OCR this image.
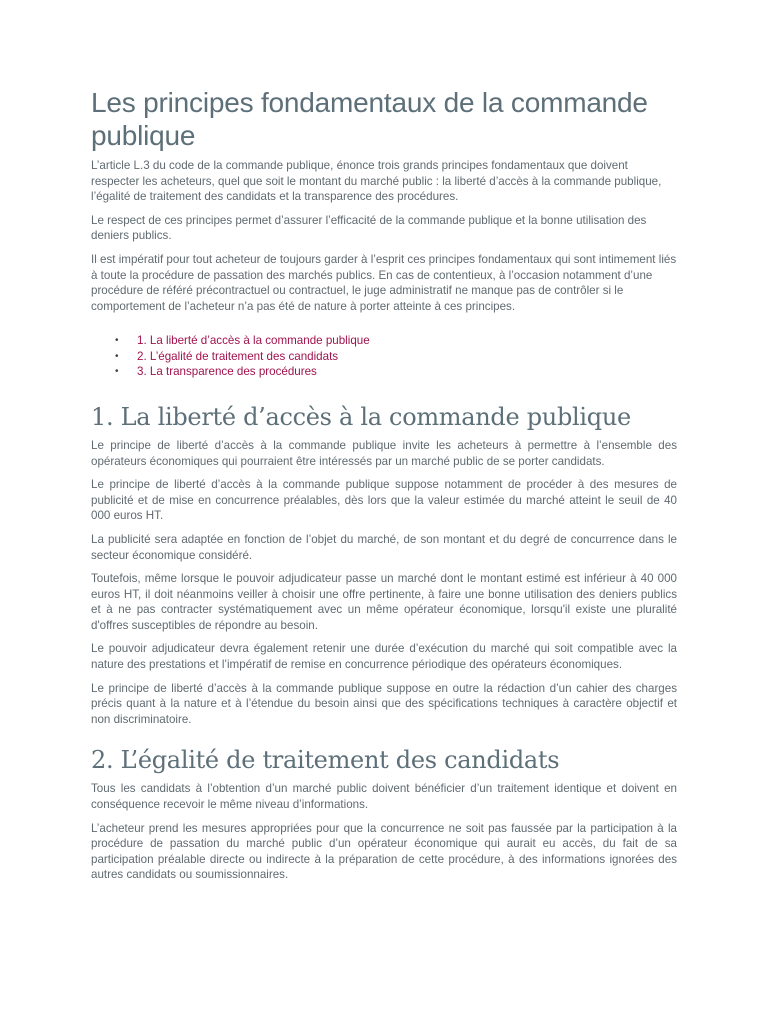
Les principes fondamentaux de la commande publique

L’article L.3 du code de la commande publique, énonce trois grands principes fondamentaux que doivent respecter les acheteurs, quel que soit le montant du marché public : la liberté d’accès à la commande publique, l’égalité de traitement des candidats et la transparence des procédures.

Le respect de ces principes permet d’assurer l’efficacité de la commande publique et la bonne utilisation des deniers publics.

Il est impératif pour tout acheteur de toujours garder à l’esprit ces principes fondamentaux qui sont intimement liés à toute la procédure de passation des marchés publics. En cas de contentieux, à l’occasion notamment d’une procédure de référé précontractuel ou contractuel, le juge administratif ne manque pas de contrôler si le comportement de l’acheteur n’a pas été de nature à porter atteinte à ces principes.

• 1. La liberté d’accès à la commande publique
• 2. L’égalité de traitement des candidats
• 3. La transparence des procédures
1. La liberté d’accès à la commande publique

Le principe de liberté d’accès à la commande publique invite les acheteurs à permettre à l’ensemble des opérateurs économiques qui pourraient être intéressés par un marché public de se porter candidats.

Le principe de liberté d’accès à la commande publique suppose notamment de procéder à des mesures de publicité et de mise en concurrence préalables, dès lors que la valeur estimée du marché atteint le seuil de 40 000 euros HT.

La publicité sera adaptée en fonction de l’objet du marché, de son montant et du degré de concurrence dans le secteur économique considéré.

Toutefois, même lorsque le pouvoir adjudicateur passe un marché dont le montant estimé est inférieur à 40 000 euros HT, il doit néanmoins veiller à choisir une offre pertinente, à faire une bonne utilisation des deniers publics et à ne pas contracter systématiquement avec un même opérateur économique, lorsqu'il existe une pluralité d'offres susceptibles de répondre au besoin.

Le pouvoir adjudicateur devra également retenir une durée d’exécution du marché qui soit compatible avec la nature des prestations et l’impératif de remise en concurrence périodique des opérateurs économiques.

Le principe de liberté d’accès à la commande publique suppose en outre la rédaction d’un cahier des charges précis quant à la nature et à l’étendue du besoin ainsi que des spécifications techniques à caractère objectif et non discriminatoire.

2. L’égalité de traitement des candidats

Tous les candidats à l’obtention d’un marché public doivent bénéficier d’un traitement identique et doivent en conséquence recevoir le même niveau d’informations.

L’acheteur prend les mesures appropriées pour que la concurrence ne soit pas faussée par la participation à la procédure de passation du marché public d’un opérateur économique qui aurait eu accès, du fait de sa participation préalable directe ou indirecte à la préparation de cette procédure, à des informations ignorées des autres candidats ou soumissionnaires.
